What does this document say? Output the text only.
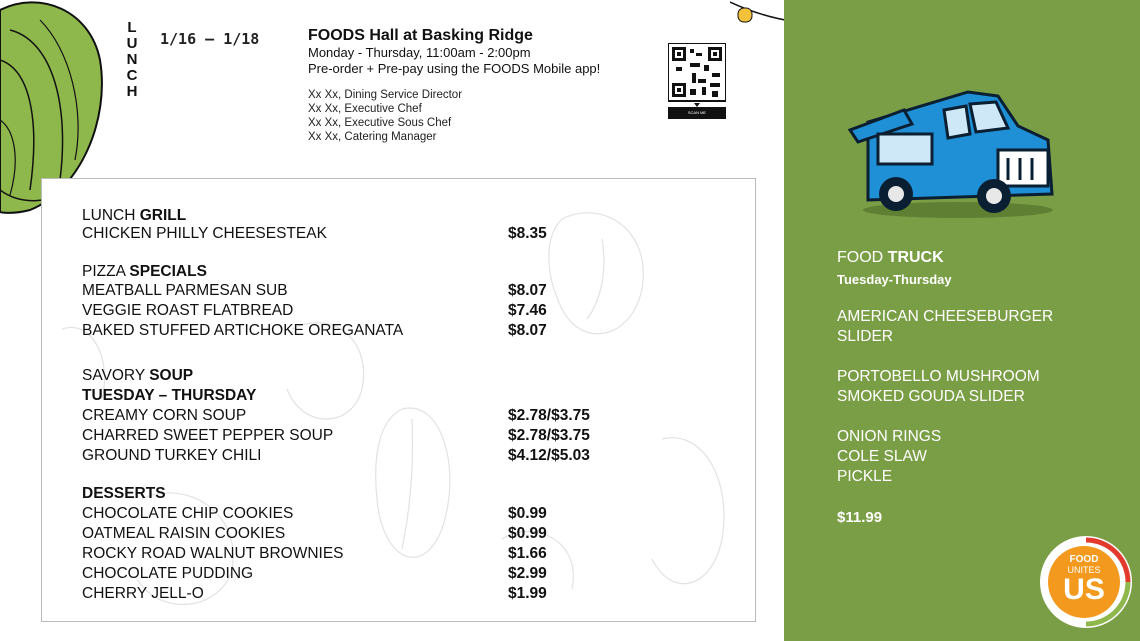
L
U
N
C
H
1/16 – 1/18	FOODS Hall at Basking Ridge
Monday - Thursday, 11:00am - 2:00pm
Pre-order + Pre-pay using the FOODS Mobile app!
Xx Xx, Dining Service Director
Xx Xx, Executive Chef
Xx Xx, Executive Sous Chef
Xx Xx, Catering Manager
SCAN ME
LUNCH GRILL
CHICKEN PHILLY CHEESESTEAK	$8.35
PIZZA SPECIALS
MEATBALL PARMESAN SUB	$8.07
VEGGIE ROAST FLATBREAD	$7.46
BAKED STUFFED ARTICHOKE OREGANATA	$8.07
SAVORY SOUP
TUESDAY – THURSDAY
CREAMY CORN SOUP	$2.78/$3.75
CHARRED SWEET PEPPER SOUP	$2.78/$3.75
GROUND TURKEY CHILI	$4.12/$5.03
DESSERTS
CHOCOLATE CHIP COOKIES	$0.99
OATMEAL RAISIN COOKIES	$0.99
ROCKY ROAD WALNUT BROWNIES	$1.66
CHOCOLATE PUDDING	$2.99
CHERRY JELL-O	$1.99
FOOD TRUCK
Tuesday-Thursday
AMERICAN CHEESEBURGER
SLIDER
PORTOBELLO MUSHROOM
SMOKED GOUDA SLIDER
ONION RINGS
COLE SLAW
PICKLE
$11.99
FOOD
UNITES
US
